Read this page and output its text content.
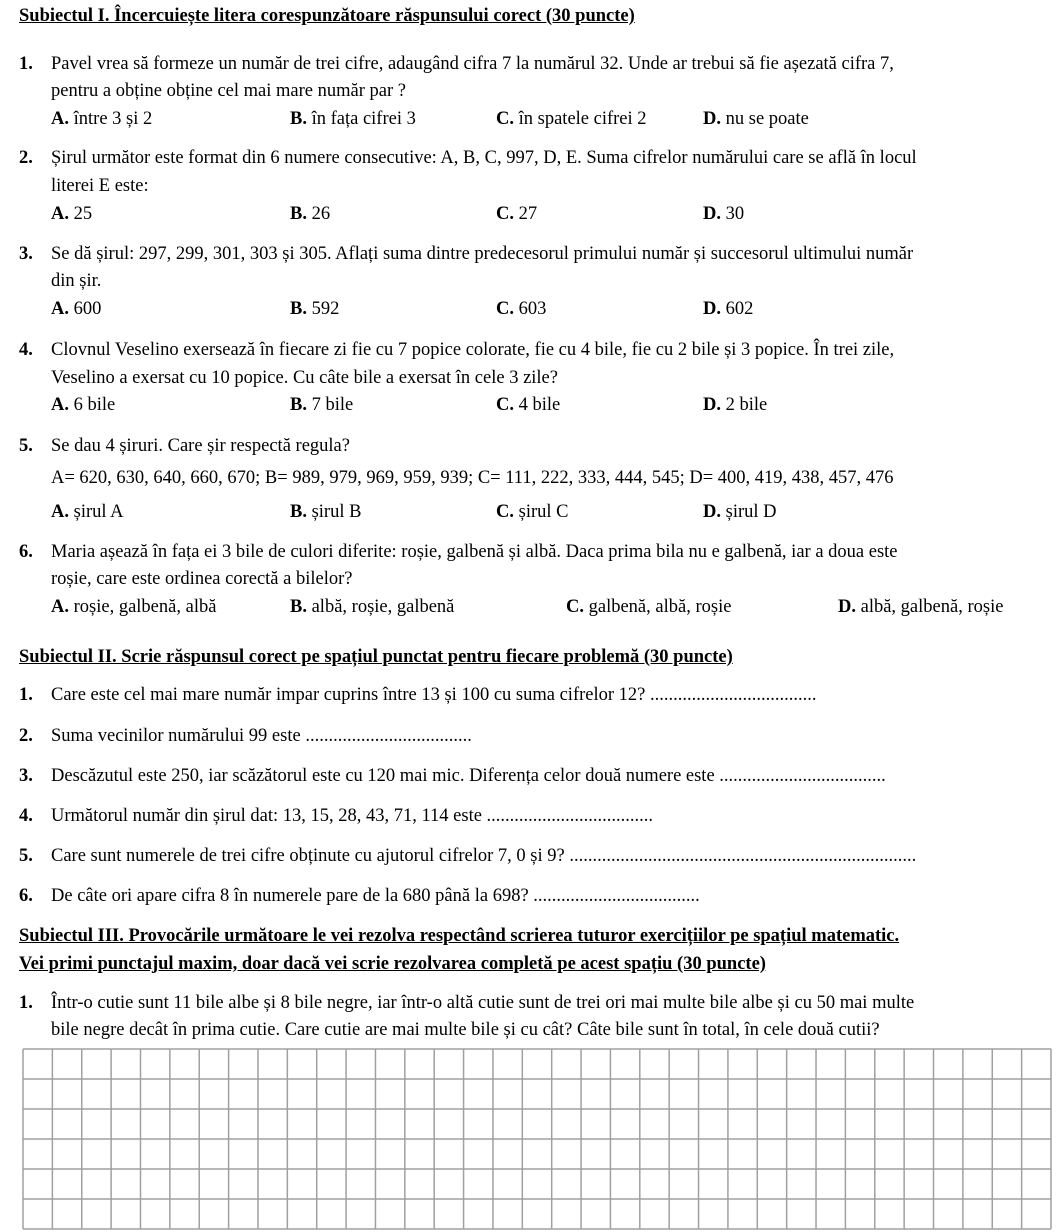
Subiectul I. Încercuiește litera corespunzătoare răspunsului corect (30 puncte)
1. Pavel vrea să formeze un număr de trei cifre, adaugând cifra 7 la numărul 32. Unde ar trebui să fie așezată cifra 7,
pentru a obține obține cel mai mare număr par ?
A. între 3 și 2	B. în fața cifrei 3	C. în spatele cifrei 2	D. nu se poate
2. Șirul următor este format din 6 numere consecutive: A, B, C, 997, D, E. Suma cifrelor numărului care se află în locul
literei E este:
A. 25	B. 26	C. 27	D. 30
3. Se dă șirul: 297, 299, 301, 303 și 305. Aflați suma dintre predecesorul primului număr și succesorul ultimului număr
din șir.
A. 600	B. 592	C. 603	D. 602
4. Clovnul Veselino exersează în fiecare zi fie cu 7 popice colorate, fie cu 4 bile, fie cu 2 bile și 3 popice. În trei zile,
Veselino a exersat cu 10 popice. Cu câte bile a exersat în cele 3 zile?
A. 6 bile	B. 7 bile	C. 4 bile	D. 2 bile
5. Se dau 4 șiruri. Care șir respectă regula?
A= 620, 630, 640, 660, 670; B= 989, 979, 969, 959, 939; C= 111, 222, 333, 444, 545; D= 400, 419, 438, 457, 476
A. șirul A	B. șirul B	C. șirul C	D. șirul D
6. Maria așează în fața ei 3 bile de culori diferite: roșie, galbenă și albă. Daca prima bila nu e galbenă, iar a doua este
roșie, care este ordinea corectă a bilelor?
A. roșie, galbenă, albă	B. albă, roșie, galbenă	C. galbenă, albă, roșie	D. albă, galbenă, roșie
Subiectul II. Scrie răspunsul corect pe spațiul punctat pentru fiecare problemă (30 puncte)
1. Care este cel mai mare număr impar cuprins între 13 și 100 cu suma cifrelor 12? ....................................
2. Suma vecinilor numărului 99 este ....................................
3. Descăzutul este 250, iar scăzătorul este cu 120 mai mic. Diferența celor două numere este ....................................
4. Următorul număr din șirul dat: 13, 15, 28, 43, 71, 114 este ....................................
5. Care sunt numerele de trei cifre obținute cu ajutorul cifrelor 7, 0 și 9? ...........................................................................
6. De câte ori apare cifra 8 în numerele pare de la 680 până la 698? ....................................
Subiectul III. Provocările următoare le vei rezolva respectând scrierea tuturor exercițiilor pe spațiul matematic.
Vei primi punctajul maxim, doar dacă vei scrie rezolvarea completă pe acest spațiu (30 puncte)
1. Într-o cutie sunt 11 bile albe și 8 bile negre, iar într-o altă cutie sunt de trei ori mai multe bile albe și cu 50 mai multe
bile negre decât în prima cutie. Care cutie are mai multe bile și cu cât? Câte bile sunt în total, în cele două cutii?
